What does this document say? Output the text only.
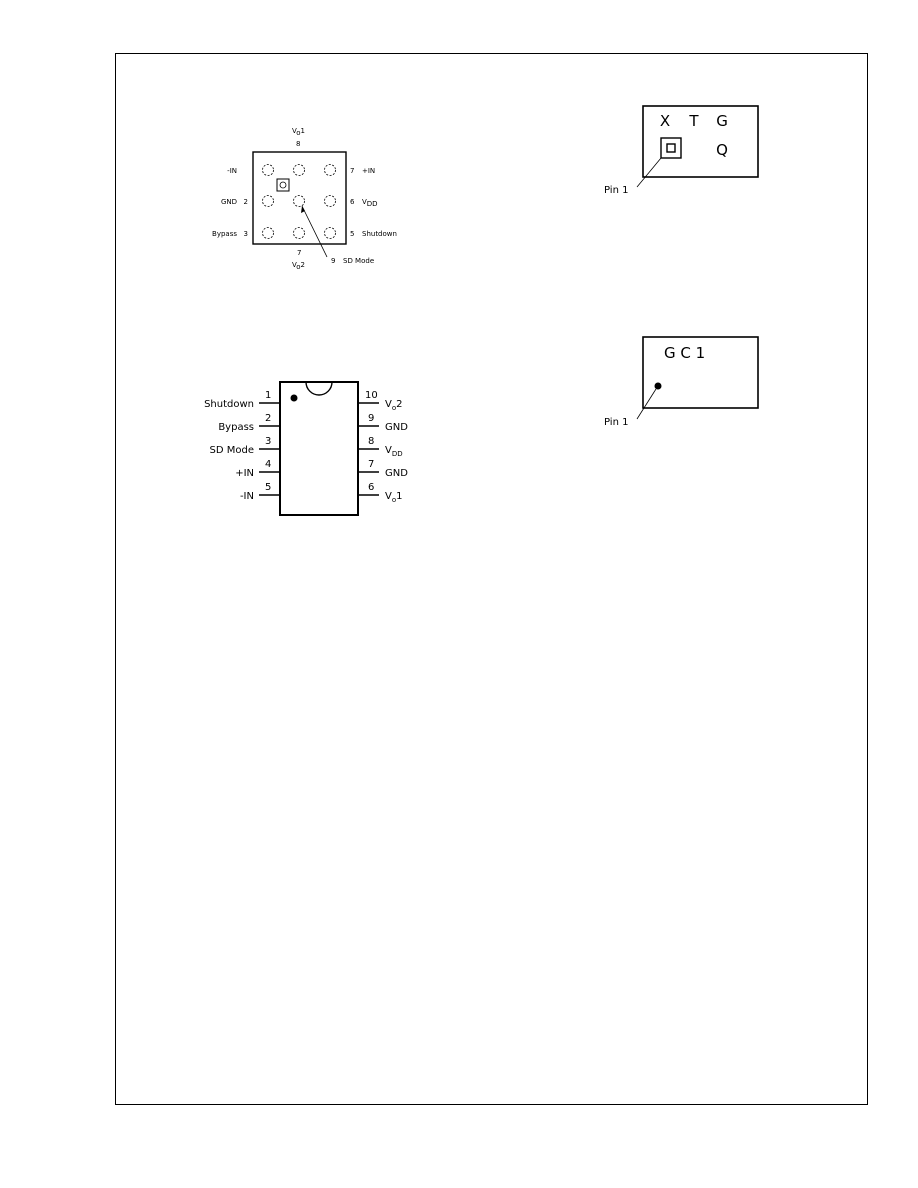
Vo1
8
-IN
GND 2
Bypass 3
7 +IN
6 VDD
5 Shutdown
7
Vo2	9 SD Mode
1
Shutdown
2
Bypass
3
SD Mode
4
+IN
5
-IN
10
$V_o2$
9
GND
8
$V_{DD}$
7
GND
6
$V_o1$
X T G
Q
Pin 1
G C 1
Pin 1
